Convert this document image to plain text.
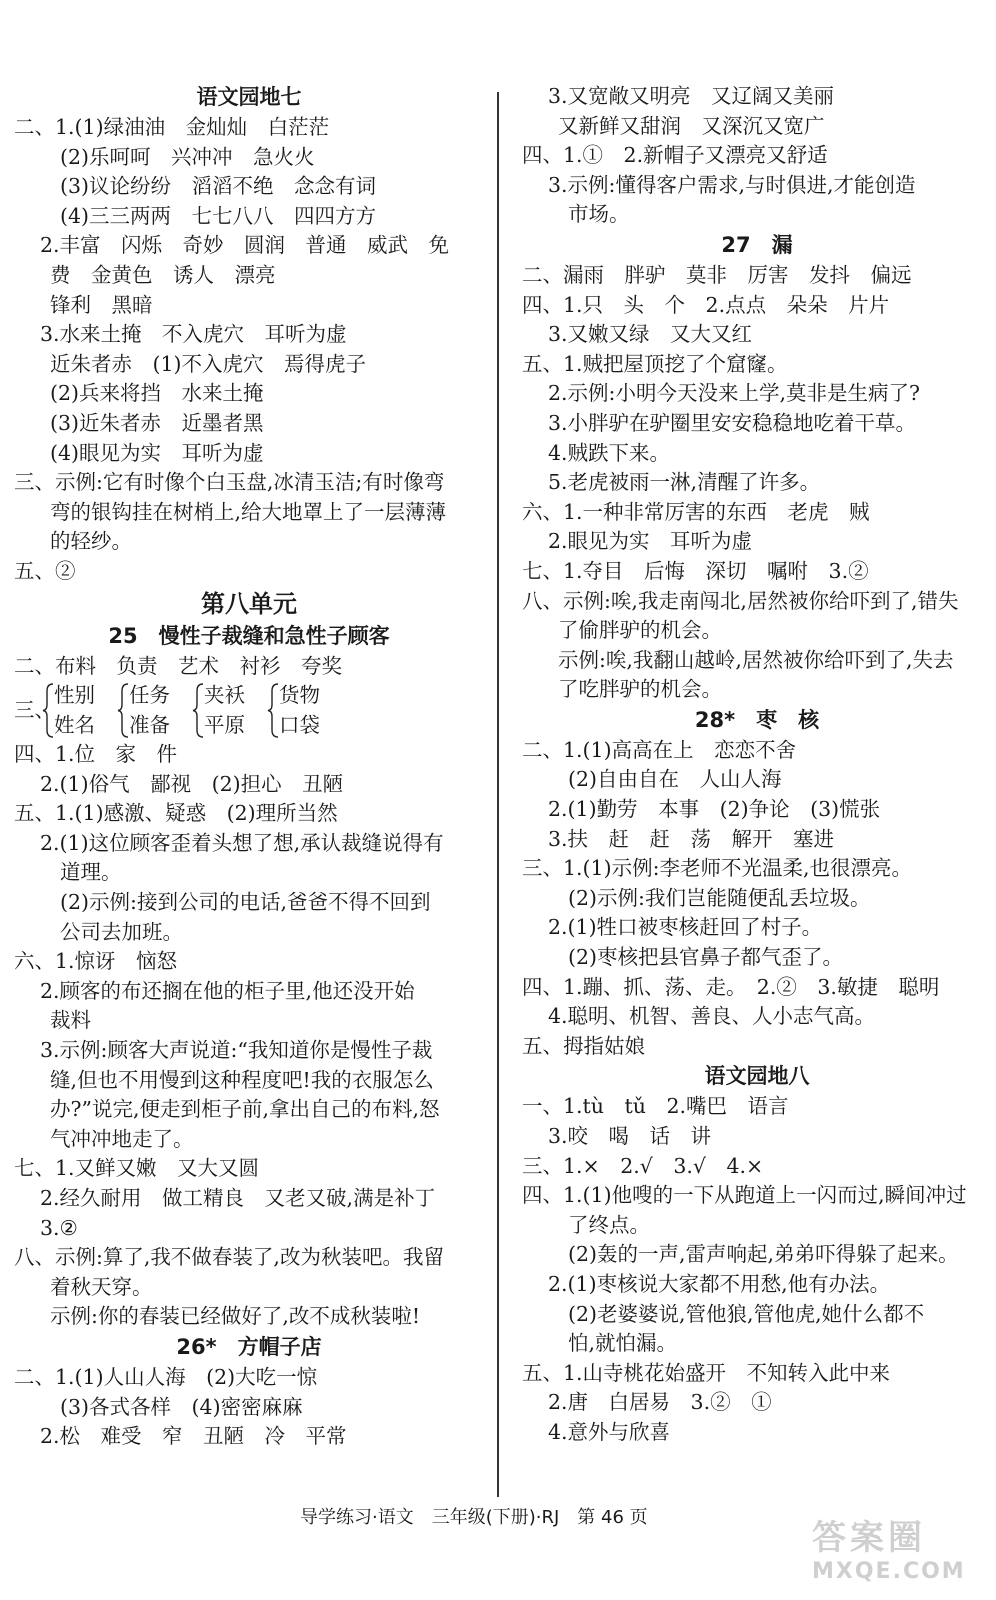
语文园地七
二、1.(1)绿油油　金灿灿　白茫茫
(2)乐呵呵　兴冲冲　急火火
(3)议论纷纷　滔滔不绝　念念有词
(4)三三两两　七七八八　四四方方
2.丰富　闪烁　奇妙　圆润　普通　威武　免
费　金黄色　诱人　漂亮
锋利　黑暗
3.水来土掩　不入虎穴　耳听为虚
近朱者赤　(1)不入虎穴　焉得虎子
(2)兵来将挡　水来土掩
(3)近朱者赤　近墨者黑
(4)眼见为实　耳听为虚
三、示例:它有时像个白玉盘,冰清玉洁;有时像弯
弯的银钩挂在树梢上,给大地罩上了一层薄薄
的轻纱。
五、②
第八单元
25　慢性子裁缝和急性子顾客
二、布料　负责　艺术　衬衫　夸奖
三、
性别
姓名
任务
准备
夹袄
平原
货物
口袋
四、1.位　家　件
2.(1)俗气　鄙视　(2)担心　丑陋
五、1.(1)感激、疑惑　(2)理所当然
2.(1)这位顾客歪着头想了想,承认裁缝说得有
道理。
(2)示例:接到公司的电话,爸爸不得不回到
公司去加班。
六、1.惊讶　恼怒
2.顾客的布还搁在他的柜子里,他还没开始
裁料
3.示例:顾客大声说道:“我知道你是慢性子裁
缝,但也不用慢到这种程度吧!我的衣服怎么
办?”说完,便走到柜子前,拿出自己的布料,怒
气冲冲地走了。
七、1.又鲜又嫩　又大又圆
2.经久耐用　做工精良　又老又破,满是补丁
3.②
八、示例:算了,我不做春装了,改为秋装吧。我留
着秋天穿。
示例:你的春装已经做好了,改不成秋装啦!
26*　方帽子店
二、1.(1)人山人海　(2)大吃一惊
(3)各式各样　(4)密密麻麻
2.松　难受　窄　丑陋　冷　平常
3.又宽敞又明亮　又辽阔又美丽
又新鲜又甜润　又深沉又宽广
四、1.①　2.新帽子又漂亮又舒适
3.示例:懂得客户需求,与时俱进,才能创造
市场。
27　漏
二、漏雨　胖驴　莫非　厉害　发抖　偏远
四、1.只　头　个　2.点点　朵朵　片片
3.又嫩又绿　又大又红
五、1.贼把屋顶挖了个窟窿。
2.示例:小明今天没来上学,莫非是生病了?
3.小胖驴在驴圈里安安稳稳地吃着干草。
4.贼跌下来。
5.老虎被雨一淋,清醒了许多。
六、1.一种非常厉害的东西　老虎　贼
2.眼见为实　耳听为虚
七、1.夺目　后悔　深切　嘱咐　3.②
八、示例:唉,我走南闯北,居然被你给吓到了,错失
了偷胖驴的机会。
示例:唉,我翻山越岭,居然被你给吓到了,失去
了吃胖驴的机会。
28*　枣　核
二、1.(1)高高在上　恋恋不舍
(2)自由自在　人山人海
2.(1)勤劳　本事　(2)争论　(3)慌张
3.扶　赶　赶　荡　解开　塞进
三、1.(1)示例:李老师不光温柔,也很漂亮。
(2)示例:我们岂能随便乱丢垃圾。
2.(1)牲口被枣核赶回了村子。
(2)枣核把县官鼻子都气歪了。
四、1.蹦、抓、荡、走。　2.②　3.敏捷　聪明
4.聪明、机智、善良、人小志气高。
五、拇指姑娘
语文园地八
一、1.tù　tǔ　2.嘴巴　语言
3.咬　喝　话　讲
三、1.×　2.√　3.√　4.×
四、1.(1)他嗖的一下从跑道上一闪而过,瞬间冲过
了终点。
(2)轰的一声,雷声响起,弟弟吓得躲了起来。
2.(1)枣核说大家都不用愁,他有办法。
(2)老婆婆说,管他狼,管他虎,她什么都不
怕,就怕漏。
五、1.山寺桃花始盛开　不知转入此中来
2.唐　白居易　3.②　①
4.意外与欣喜
导学练习·语文　三年级(下册)·RJ　第 46 页
答案圈
MXQE.COM
